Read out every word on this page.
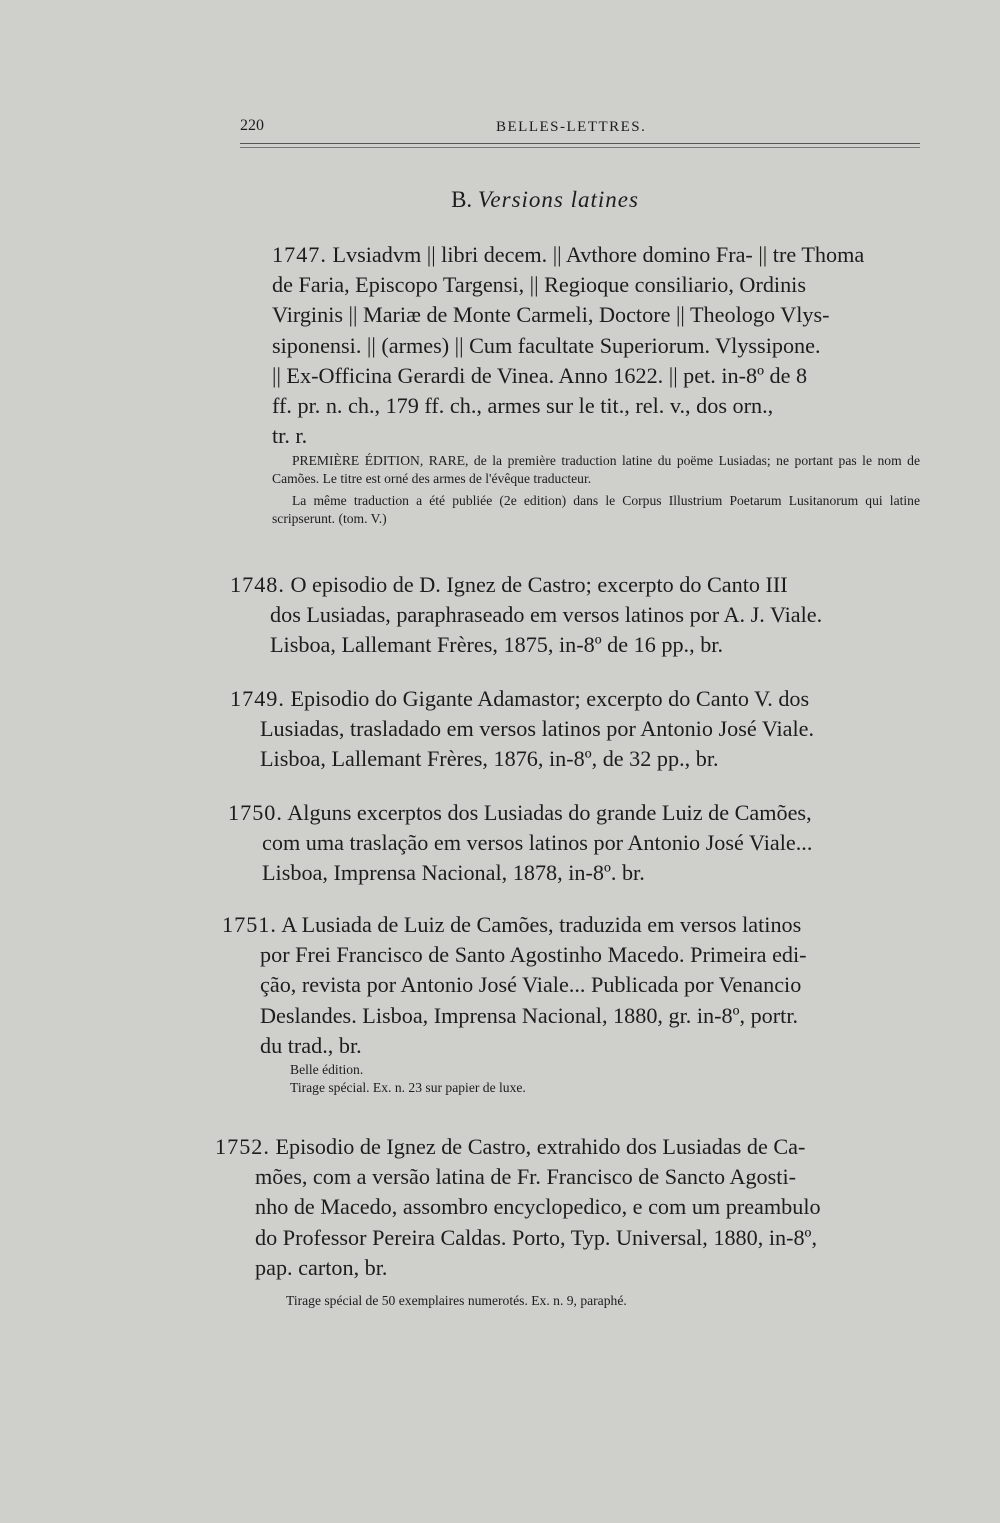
220	BELLES-LETTRES.
B. Versions latines

1747. Lvsiadvm || libri decem. || Avthore domino Fra- || tre Thoma

de Faria, Episcopo Targensi, || Regioque consiliario, Ordinis

Virginis || Mariæ de Monte Carmeli, Doctore || Theologo Vlys-

siponensi. || (armes) || Cum facultate Superiorum. Vlyssipone.

|| Ex-Officina Gerardi de Vinea. Anno 1622. || pet. in-8º de 8

ff. pr. n. ch., 179 ff. ch., armes sur le tit., rel. v., dos orn.,

tr. r.

PREMIÈRE ÉDITION, RARE, de la première traduction latine du poëme Lusiadas; ne portant pas le nom de Camões. Le titre est orné des armes de l'évêque traducteur.

La même traduction a été publiée (2e edition) dans le Corpus Illustrium Poetarum Lusitanorum qui latine scripserunt. (tom. V.)

1748. O episodio de D. Ignez de Castro; excerpto do Canto III

dos Lusiadas, paraphraseado em versos latinos por A. J. Viale.

Lisboa, Lallemant Frères, 1875, in-8º de 16 pp., br.

1749. Episodio do Gigante Adamastor; excerpto do Canto V. dos

Lusiadas, trasladado em versos latinos por Antonio José Viale.

Lisboa, Lallemant Frères, 1876, in-8º, de 32 pp., br.

1750. Alguns excerptos dos Lusiadas do grande Luiz de Camões,

com uma traslação em versos latinos por Antonio José Viale...

Lisboa, Imprensa Nacional, 1878, in-8º. br.

1751. A Lusiada de Luiz de Camões, traduzida em versos latinos

por Frei Francisco de Santo Agostinho Macedo. Primeira edi-

ção, revista por Antonio José Viale... Publicada por Venancio

Deslandes. Lisboa, Imprensa Nacional, 1880, gr. in-8º, portr.

du trad., br.

Belle édition.

Tirage spécial. Ex. n. 23 sur papier de luxe.

1752. Episodio de Ignez de Castro, extrahido dos Lusiadas de Ca-

mões, com a versão latina de Fr. Francisco de Sancto Agosti-

nho de Macedo, assombro encyclopedico, e com um preambulo

do Professor Pereira Caldas. Porto, Typ. Universal, 1880, in-8º,

pap. carton, br.

Tirage spécial de 50 exemplaires numerotés. Ex. n. 9, paraphé.
